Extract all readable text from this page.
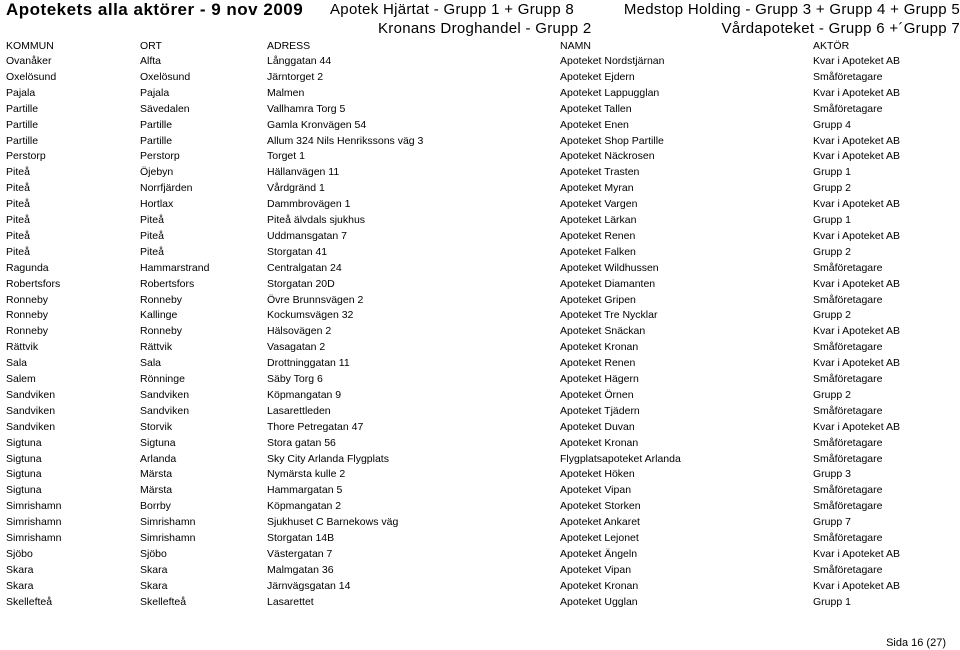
Apotekets alla aktörer - 9 nov 2009 Apotek Hjärtat - Grupp 1 + Grupp 8	Medstop Holding - Grupp 3 + Grupp 4 + Grupp 5
Kronans Droghandel - Grupp 2	Vårdapoteket - Grupp 6 +´Grupp 7
KOMMUN	ORT	ADRESS	NAMN	AKTÖR
Ovanåker	Alfta	Långgatan 44	Apoteket Nordstjärnan	Kvar i Apoteket AB
Oxelösund	Oxelösund	Järntorget 2	Apoteket Ejdern	Småföretagare
Pajala	Pajala	Malmen	Apoteket Lappugglan	Kvar i Apoteket AB
Partille	Sävedalen	Vallhamra Torg 5	Apoteket Tallen	Småföretagare
Partille	Partille	Gamla Kronvägen 54	Apoteket Enen	Grupp 4
Partille	Partille	Allum 324 Nils Henrikssons väg 3	Apoteket Shop Partille	Kvar i Apoteket AB
Perstorp	Perstorp	Torget 1	Apoteket Näckrosen	Kvar i Apoteket AB
Piteå	Öjebyn	Hällanvägen 11	Apoteket Trasten	Grupp 1
Piteå	Norrfjärden	Vårdgränd 1	Apoteket Myran	Grupp 2
Piteå	Hortlax	Dammbrovägen 1	Apoteket Vargen	Kvar i Apoteket AB
Piteå	Piteå	Piteå älvdals sjukhus	Apoteket Lärkan	Grupp 1
Piteå	Piteå	Uddmansgatan 7	Apoteket Renen	Kvar i Apoteket AB
Piteå	Piteå	Storgatan 41	Apoteket Falken	Grupp 2
Ragunda	Hammarstrand	Centralgatan 24	Apoteket Wildhussen	Småföretagare
Robertsfors	Robertsfors	Storgatan 20D	Apoteket Diamanten	Kvar i Apoteket AB
Ronneby	Ronneby	Övre Brunnsvägen 2	Apoteket Gripen	Småföretagare
Ronneby	Kallinge	Kockumsvägen 32	Apoteket Tre Nycklar	Grupp 2
Ronneby	Ronneby	Hälsovägen 2	Apoteket Snäckan	Kvar i Apoteket AB
Rättvik	Rättvik	Vasagatan 2	Apoteket Kronan	Småföretagare
Sala	Sala	Drottninggatan 11	Apoteket Renen	Kvar i Apoteket AB
Salem	Rönninge	Säby Torg 6	Apoteket Hägern	Småföretagare
Sandviken	Sandviken	Köpmangatan 9	Apoteket Örnen	Grupp 2
Sandviken	Sandviken	Lasarettleden	Apoteket Tjädern	Småföretagare
Sandviken	Storvik	Thore Petregatan 47	Apoteket Duvan	Kvar i Apoteket AB
Sigtuna	Sigtuna	Stora gatan 56	Apoteket Kronan	Småföretagare
Sigtuna	Arlanda	Sky City Arlanda Flygplats	Flygplatsapoteket Arlanda	Småföretagare
Sigtuna	Märsta	Nymärsta kulle 2	Apoteket Höken	Grupp 3
Sigtuna	Märsta	Hammargatan 5	Apoteket Vipan	Småföretagare
Simrishamn	Borrby	Köpmangatan 2	Apoteket Storken	Småföretagare
Simrishamn	Simrishamn	Sjukhuset C Barnekows väg	Apoteket Ankaret	Grupp 7
Simrishamn	Simrishamn	Storgatan 14B	Apoteket Lejonet	Småföretagare
Sjöbo	Sjöbo	Västergatan 7	Apoteket Ängeln	Kvar i Apoteket AB
Skara	Skara	Malmgatan 36	Apoteket Vipan	Småföretagare
Skara	Skara	Järnvägsgatan 14	Apoteket Kronan	Kvar i Apoteket AB
Skellefteå	Skellefteå	Lasarettet	Apoteket Ugglan	Grupp 1
Sida 16 (27)
